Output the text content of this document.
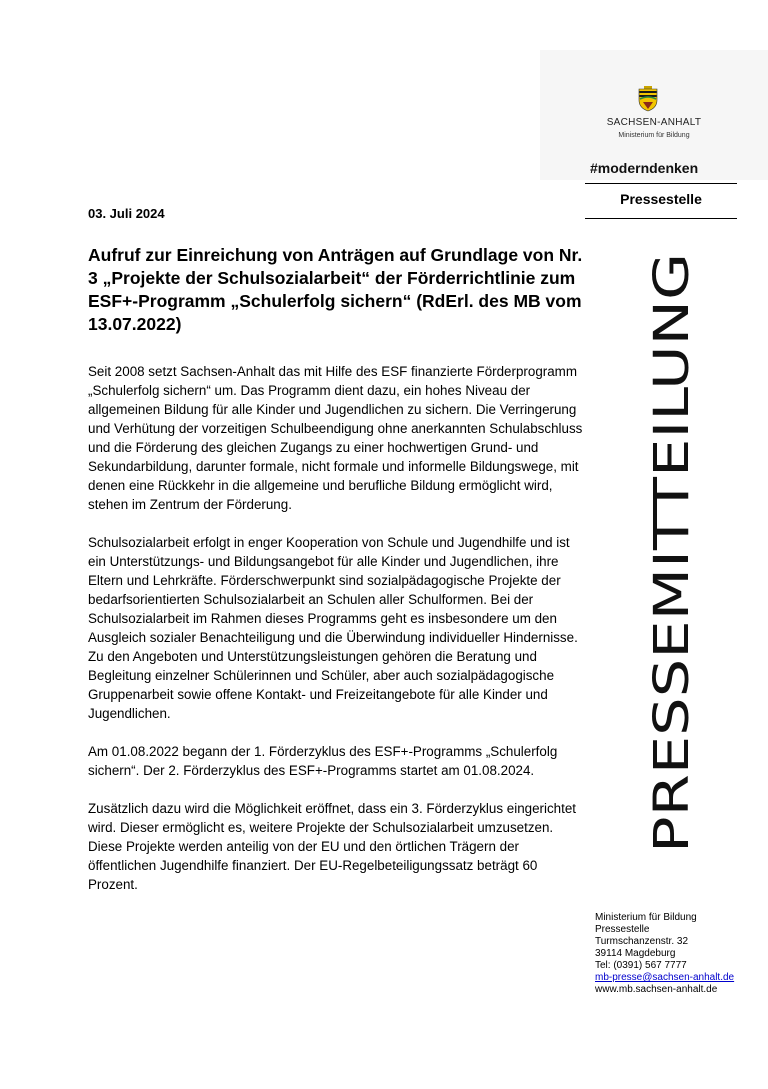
SACHSEN-ANHALT
Ministerium für Bildung
#moderndenken
Pressestelle
PRESSEMITTEILUNG
03. Juli 2024
Aufruf zur Einreichung von Anträgen auf Grundlage von Nr. 3 „Projekte der Schulsozialarbeit“ der Förderrichtlinie zum ESF+-Programm „Schulerfolg sichern“ (RdErl. des MB vom 13.07.2022)

Seit 2008 setzt Sachsen-Anhalt das mit Hilfe des ESF finanzierte Förderprogramm „Schulerfolg sichern“ um. Das Programm dient dazu, ein hohes Niveau der allgemeinen Bildung für alle Kinder und Jugendlichen zu sichern. Die Verringerung und Verhütung der vorzeitigen Schulbeendigung ohne anerkannten Schulabschluss und die Förderung des gleichen Zugangs zu einer hochwertigen Grund- und Sekundarbildung, darunter formale, nicht formale und informelle Bildungswege, mit denen eine Rückkehr in die allgemeine und berufliche Bildung ermöglicht wird, stehen im Zentrum der Förderung.

Schulsozialarbeit erfolgt in enger Kooperation von Schule und Jugendhilfe und ist ein Unterstützungs- und Bildungsangebot für alle Kinder und Jugendlichen, ihre Eltern und Lehrkräfte. Förderschwerpunkt sind sozialpädagogische Projekte der bedarfsorientierten Schulsozialarbeit an Schulen aller Schulformen. Bei der Schulsozialarbeit im Rahmen dieses Programms geht es insbesondere um den Ausgleich sozialer Benachteiligung und die Überwindung individueller Hindernisse. Zu den Angeboten und Unterstützungsleistungen gehören die Beratung und Begleitung einzelner Schülerinnen und Schüler, aber auch sozialpädagogische Gruppenarbeit sowie offene Kontakt- und Freizeitangebote für alle Kinder und Jugendlichen.

Am 01.08.2022 begann der 1. Förderzyklus des ESF+-Programms „Schulerfolg sichern“. Der 2. Förderzyklus des ESF+-Programms startet am 01.08.2024.

Zusätzlich dazu wird die Möglichkeit eröffnet, dass ein 3. Förderzyklus eingerichtet wird. Dieser ermöglicht es, weitere Projekte der Schulsozialarbeit umzusetzen. Diese Projekte werden anteilig von der EU und den örtlichen Trägern der öffentlichen Jugendhilfe finanziert. Der EU-Regelbeteiligungssatz beträgt 60 Prozent.

Ministerium für Bildung
Pressestelle
Turmschanzenstr. 32
39114 Magdeburg
Tel: (0391) 567 7777
mb-presse@sachsen-anhalt.de
www.mb.sachsen-anhalt.de
